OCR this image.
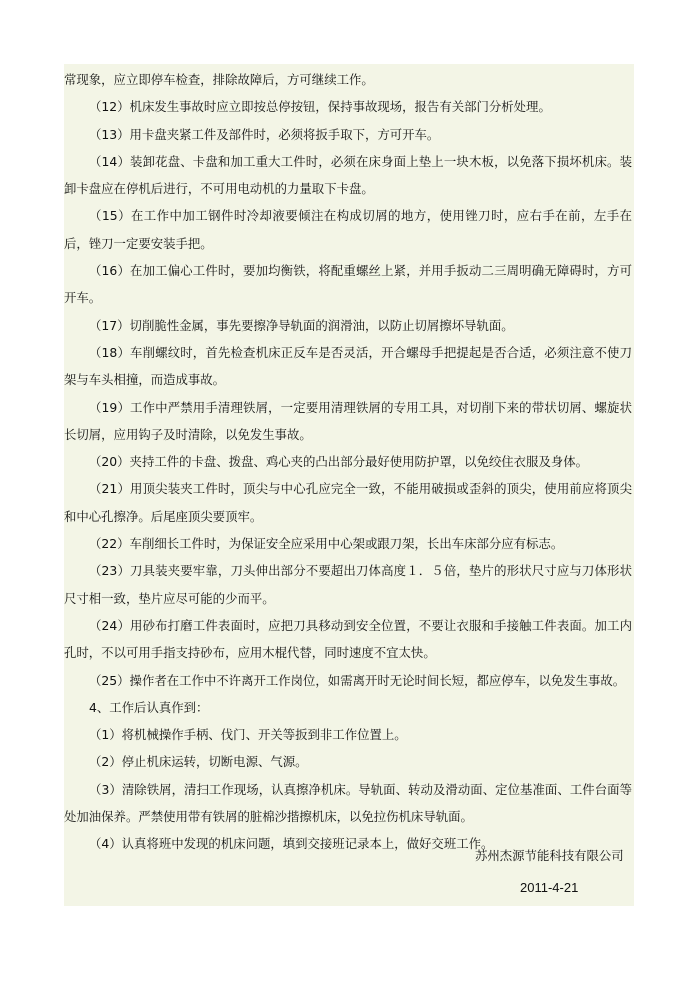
常现象，应立即停车检查，排除故障后，方可继续工作。

（12）机床发生事故时应立即按总停按钮，保持事故现场，报告有关部门分析处理。

（13）用卡盘夹紧工件及部件时，必须将扳手取下，方可开车。

（14）装卸花盘、卡盘和加工重大工件时，必须在床身面上垫上一块木板，以免落下损坏机床。装卸卡盘应在停机后进行，不可用电动机的力量取下卡盘。

（15）在工作中加工钢件时冷却液要倾注在构成切屑的地方，使用锉刀时，应右手在前，左手在后，锉刀一定要安装手把。

（16）在加工偏心工件时，要加均衡铁，将配重螺丝上紧，并用手扳动二三周明确无障碍时，方可开车。

（17）切削脆性金属，事先要擦净导轨面的润滑油，以防止切屑擦坏导轨面。

（18）车削螺纹时，首先检查机床正反车是否灵活，开合螺母手把提起是否合适，必须注意不使刀架与车头相撞，而造成事故。

（19）工作中严禁用手清理铁屑，一定要用清理铁屑的专用工具，对切削下来的带状切屑、螺旋状长切屑，应用钩子及时清除，以免发生事故。

（20）夹持工件的卡盘、拨盘、鸡心夹的凸出部分最好使用防护罩，以免绞住衣服及身体。

（21）用顶尖装夹工件时，顶尖与中心孔应完全一致，不能用破损或歪斜的顶尖，使用前应将顶尖和中心孔擦净。后尾座顶尖要顶牢。

（22）车削细长工件时，为保证安全应采用中心架或跟刀架，长出车床部分应有标志。

（23）刀具装夹要牢靠，刀头伸出部分不要超出刀体高度１．５倍，垫片的形状尺寸应与刀体形状尺寸相一致，垫片应尽可能的少而平。

（24）用砂布打磨工件表面时，应把刀具移动到安全位置，不要让衣服和手接触工件表面。加工内孔时，不以可用手指支持砂布，应用木棍代替，同时速度不宜太快。

（25）操作者在工作中不许离开工作岗位，如需离开时无论时间长短，都应停车，以免发生事故。

4、工作后认真作到：

（1）将机械操作手柄、伐门、开关等扳到非工作位置上。

（2）停止机床运转，切断电源、气源。

（3）清除铁屑，清扫工作现场，认真擦净机床。导轨面、转动及滑动面、定位基准面、工件台面等处加油保养。严禁使用带有铁屑的脏棉沙揩擦机床，以免拉伤机床导轨面。

（4）认真将班中发现的机床问题，填到交接班记录本上，做好交班工作。

苏州杰源节能科技有限公司
2011-4-21
